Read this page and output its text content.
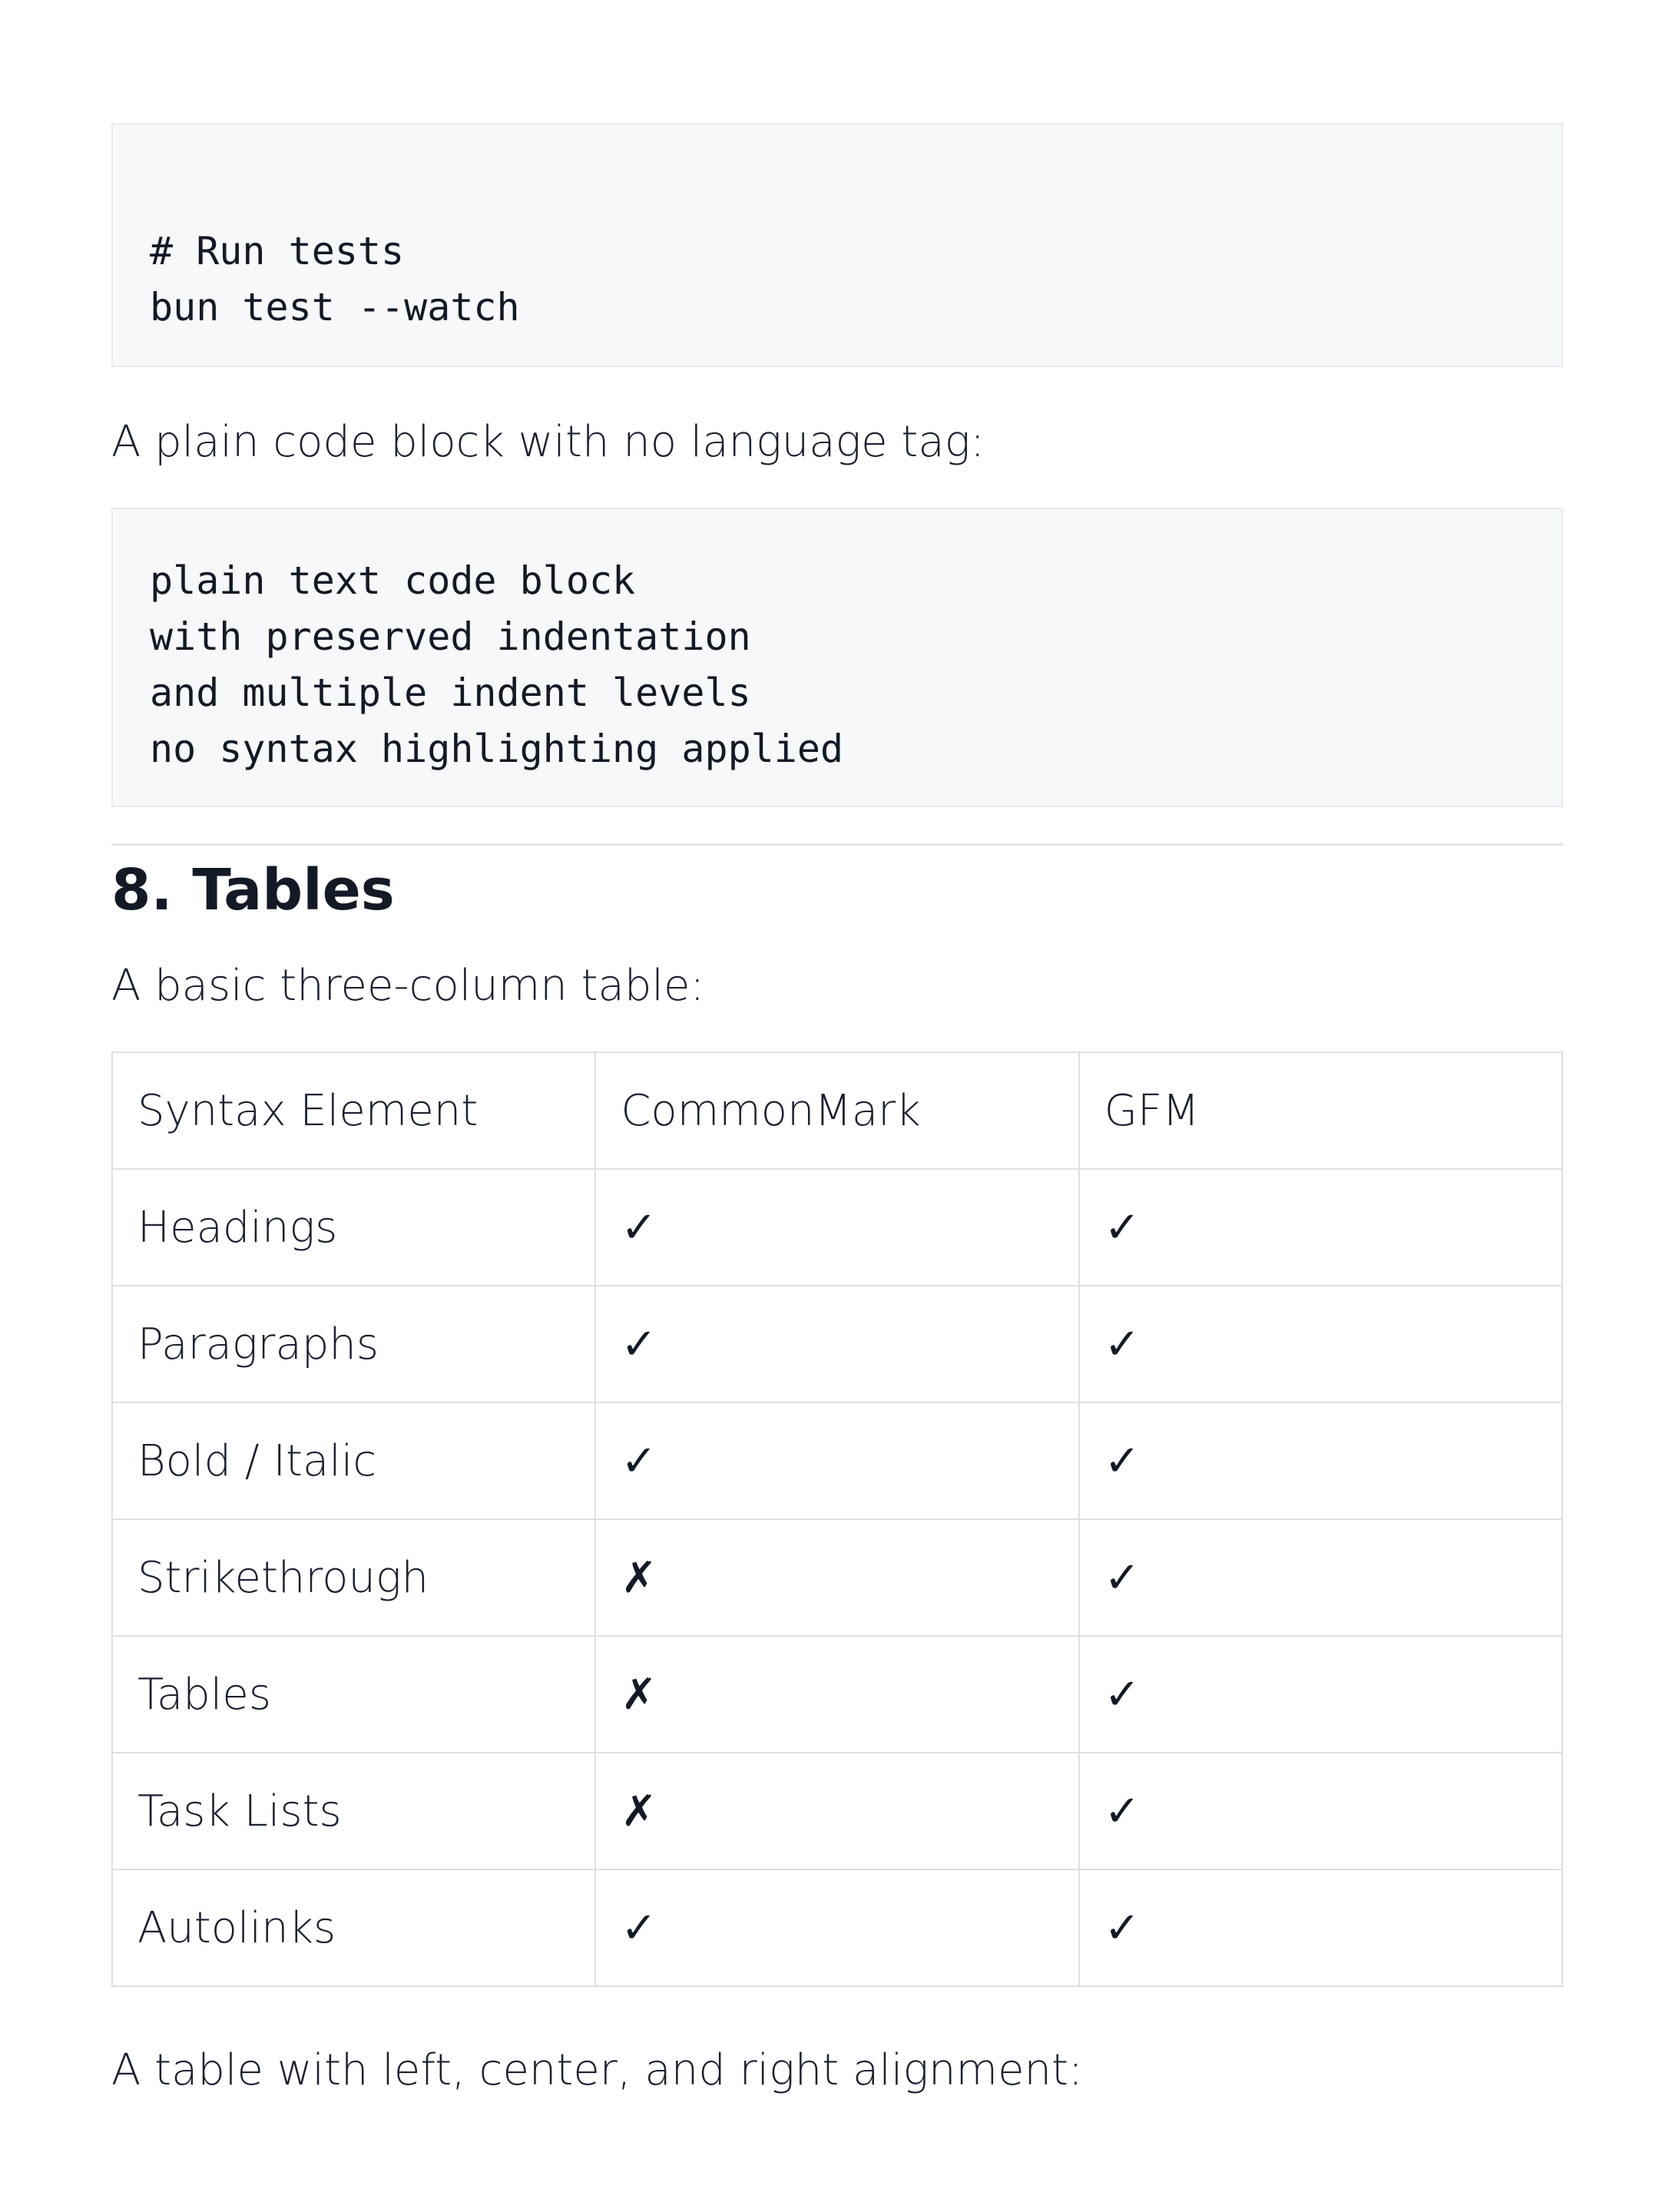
# Run tests
bun test --watch
A plain code block with no language tag:
plain text code block
with preserved indentation
and multiple indent levels
no syntax highlighting applied
8. Tables
A basic three-column table:
Syntax Element	CommonMark	GFM
Headings	✓	✓
Paragraphs	✓	✓
Bold / Italic	✓	✓
Strikethrough	✗	✓
Tables	✗	✓
Task Lists	✗	✓
Autolinks	✓	✓
A table with left, center, and right alignment:
